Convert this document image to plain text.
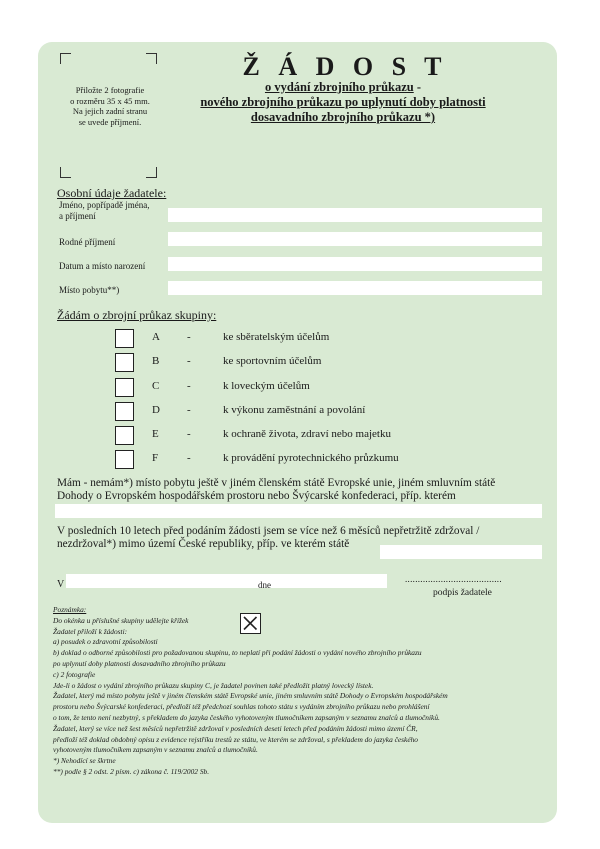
Přiložte 2 fotografie
o rozměru 35 x 45 mm.
Na jejich zadní stranu
se uvede příjmení.
Ž Á D O S T
o vydání zbrojního průkazu -
nového zbrojního průkazu po uplynutí doby platnosti
dosavadního zbrojního průkazu *)
Osobní údaje žadatele:
Jméno, popřípadě jména,
a příjmení
Rodné příjmení
Datum a místo narození
Místo pobytu**)
Žádám o zbrojní průkaz skupiny:
A -	ke sběratelským účelům
B	-	ke sportovním účelům
C	-	k loveckým účelům
D -	k výkonu zaměstnání a povolání
E	-	k ochraně života, zdraví nebo majetku
F	-	k provádění pyrotechnického průzkumu
Mám - nemám*) místo pobytu ještě v jiném členském státě Evropské unie, jiném smluvním státě
Dohody o Evropském hospodářském prostoru nebo Švýcarské konfederaci, příp. kterém
V posledních 10 letech před podáním žádosti jsem se více než 6 měsíců nepřetržitě zdržoval /
nezdržoval*) mimo území České republiky, příp. ve kterém státě
V	dne
......................................
podpis žadatele
Poznámka:
Do okénka u příslušné skupiny udělejte křížek
Žadatel přiloží k žádosti:
a) posudek o zdravotní způsobilosti
b) doklad o odborné způsobilosti pro požadovanou skupinu, to neplatí při podání žádosti o vydání nového zbrojního průkazu
po uplynutí doby platnosti dosavadního zbrojního průkazu
c) 2 fotografie
Jde-li o žádost o vydání zbrojního průkazu skupiny C, je žadatel povinen také předložit platný lovecký lístek.
Žadatel, který má místo pobytu ještě v jiném členském státě Evropské unie, jiném smluvním státě Dohody o Evropském hospodářském
prostoru nebo Švýcarské konfederaci, předloží též předchozí souhlas tohoto státu s vydáním zbrojního průkazu nebo prohlášení
o tom, že tento není nezbytný, s překladem do jazyka českého vyhotoveným tlumočníkem zapsaným v seznamu znalců a tlumočníků.
Žadatel, který se více než šest měsíců nepřetržitě zdržoval v posledních deseti letech před podáním žádosti mimo území ČR,
předloží též doklad obdobný opisu z evidence rejstříku trestů ze státu, ve kterém se zdržoval, s překladem do jazyka českého
vyhotoveným tlumočníkem zapsaným v seznamu znalců a tlumočníků.
*) Nehodící se škrtne
**) podle § 2 odst. 2 písm. c) zákona č. 119/2002 Sb.
